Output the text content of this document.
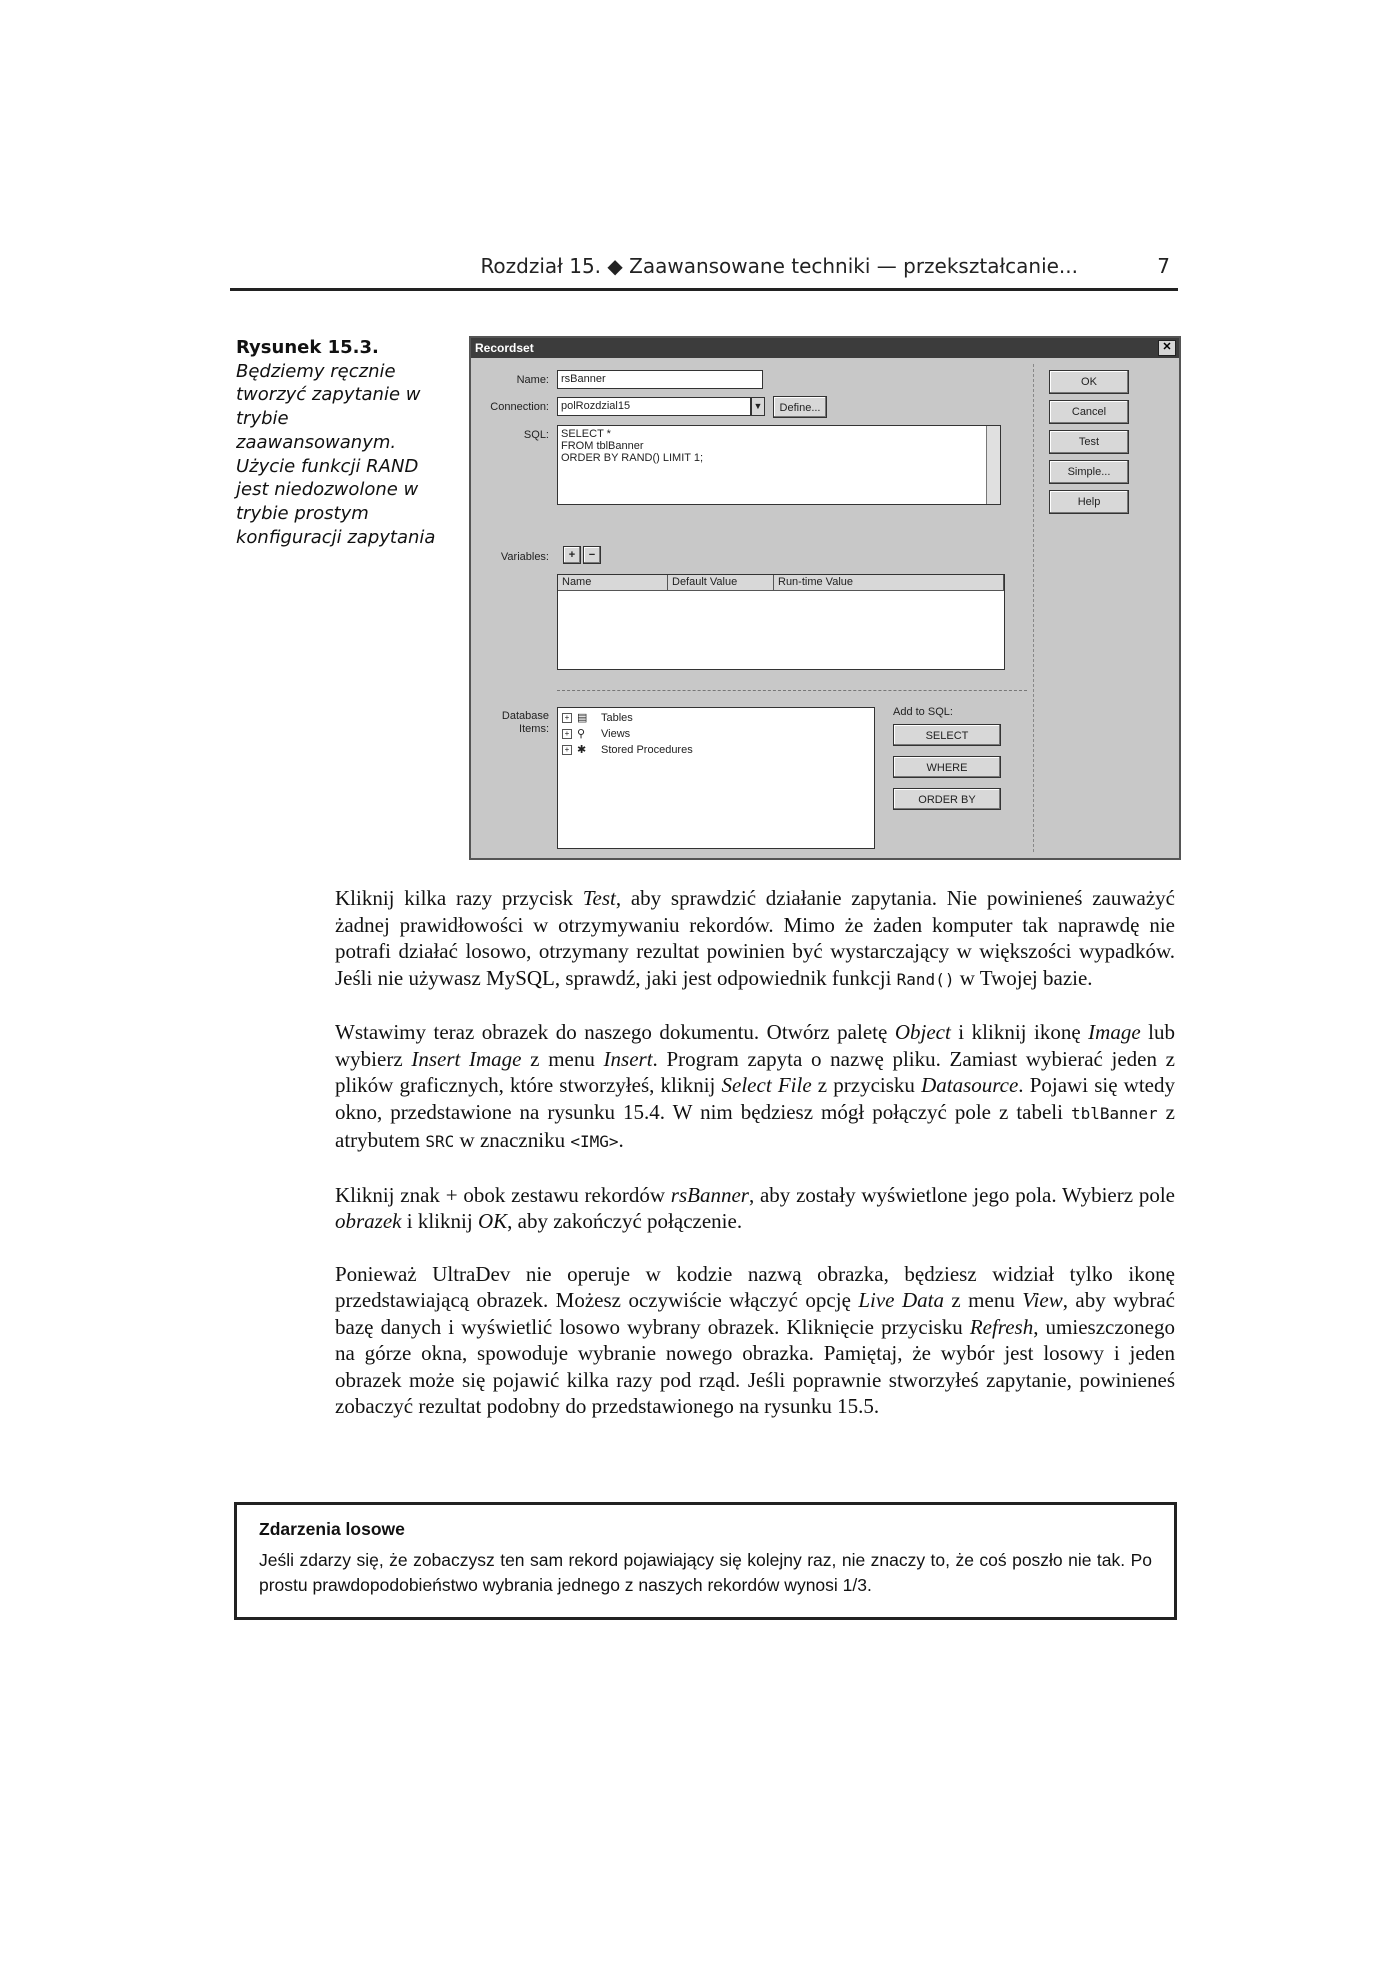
Rozdział 15. ◆ Zaawansowane techniki — przekształcanie...	7
Rysunek 15.3.
Będziemy ręcznie tworzyć zapytanie w trybie zaawansowanym. Użycie funkcji RAND jest niedozwolone w trybie prostym konfiguracji zapytania
Recordset	✕
Name:	rsBanner
Connection:	polRozdzial15	▼	Define...
SQL:	SELECT *
FROM tblBanner
ORDER BY RAND() LIMIT 1;
Variables:	+	−
Name	Default Value	Run-time Value
Database Items:
+ ▤ Tables
+ ⚲ Views
+ ✱ Stored Procedures
Add to SQL:
SELECT
WHERE
ORDER BY
OK
Cancel
Test
Simple...
Help

Kliknij kilka razy przycisk Test, aby sprawdzić działanie zapytania. Nie powinieneś zauważyć żadnej prawidłowości w otrzymywaniu rekordów. Mimo że żaden komputer tak naprawdę nie potrafi działać losowo, otrzymany rezultat powinien być wystarczający w większości wypadków. Jeśli nie używasz MySQL, sprawdź, jaki jest odpowiednik funkcji Rand() w Twojej bazie.

Wstawimy teraz obrazek do naszego dokumentu. Otwórz paletę Object i kliknij ikonę Image lub wybierz Insert Image z menu Insert. Program zapyta o nazwę pliku. Zamiast wybierać jeden z plików graficznych, które stworzyłeś, kliknij Select File z przycisku Datasource. Pojawi się wtedy okno, przedstawione na rysunku 15.4. W nim będziesz mógł połączyć pole z tabeli tblBanner z atrybutem SRC w znaczniku <IMG>.

Kliknij znak + obok zestawu rekordów rsBanner, aby zostały wyświetlone jego pola. Wybierz pole obrazek i kliknij OK, aby zakończyć połączenie.

Ponieważ UltraDev nie operuje w kodzie nazwą obrazka, będziesz widział tylko ikonę przedstawiającą obrazek. Możesz oczywiście włączyć opcję Live Data z menu View, aby wybrać bazę danych i wyświetlić losowo wybrany obrazek. Kliknięcie przycisku Refresh, umieszczonego na górze okna, spowoduje wybranie nowego obrazka. Pamiętaj, że wybór jest losowy i jeden obrazek może się pojawić kilka razy pod rząd. Jeśli poprawnie stworzyłeś zapytanie, powinieneś zobaczyć rezultat podobny do przedstawionego na rysunku 15.5.

Zdarzenia losowe
Jeśli zdarzy się, że zobaczysz ten sam rekord pojawiający się kolejny raz, nie znaczy to, że coś poszło nie tak. Po prostu prawdopodobieństwo wybrania jednego z naszych rekordów wynosi 1/3.
